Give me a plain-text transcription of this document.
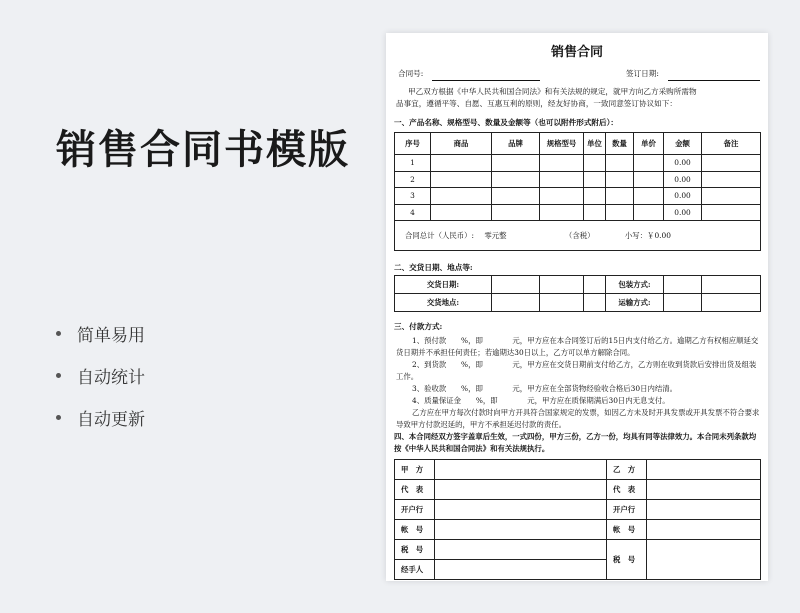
销售合同书模版
简单易用
自动统计
自动更新
销售合同
合同号:	签订日期:
甲乙双方根据《中华人民共和国合同法》和有关法规的规定，就甲方向乙方采购所需物
品事宜，遵循平等、自愿、互惠互利的原则，经友好协商，一致同意签订协议如下：
一、产品名称、规格型号、数量及金额等（也可以附件形式附后）：
序号	商品	品牌	规格型号	单位	数量	单价	金额	备注
1							0.00	
2							0.00	
3							0.00	
4							0.00	
合同总计（人民币）: 零元整 （含税） 小写：￥0.00								
二、交货日期、地点等:
交货日期:				包装方式:		
交货地点:				运输方式:		
三、付款方式:
1、预付款　　%，即　　　　元，甲方应在本合同签订后的15日内支付给乙方。逾期乙方有权相应顺延交货日期并不承担任何责任；若逾期达30日以上，乙方可以单方解除合同。
2、到货款　　%，即　　　　元，甲方应在交货日期前支付给乙方，乙方则在收到货款后安排出货及组装工作。
3、验收款　　%，即　　　　元，甲方应在全部货物经验收合格后30日内结清。
4、质量保证金　　%，即　　　　元，甲方应在质保期满后30日内无息支付。
乙方应在甲方每次付款时向甲方开具符合国家规定的发票，如因乙方未及时开具发票或开具发票不符合要求导致甲方付款迟延的，甲方不承担延迟付款的责任。
四、本合同经双方签字盖章后生效，一式四份，甲方三份，乙方一份，均具有同等法律效力。本合同未列条款均按《中华人民共和国合同法》和有关法规执行。
甲　方		乙　方	
代　表		代　表	
开户行		开户行	
帐　号		帐　号	
税　号		税　号	
经手人			
